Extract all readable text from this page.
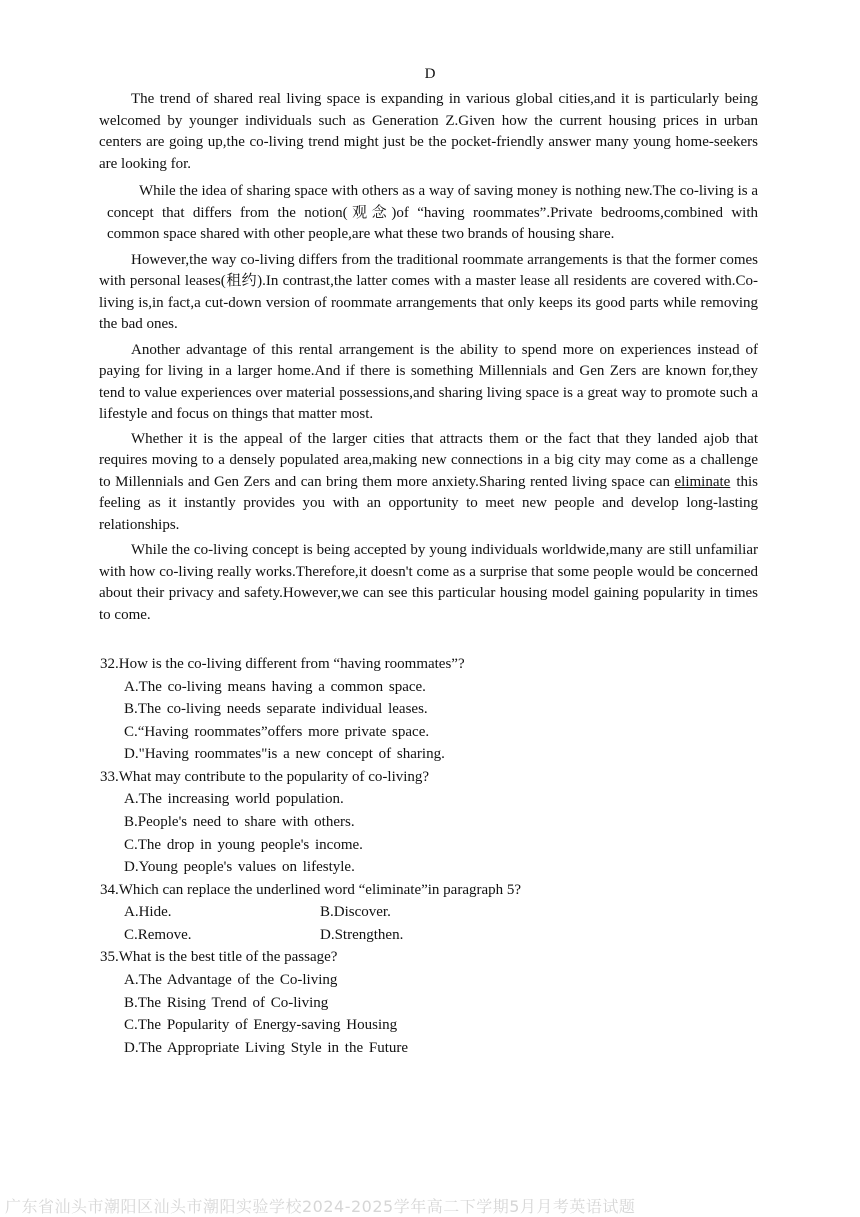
D

The trend of shared real living space is expanding in various global cities,and it is particularly being welcomed by younger individuals such as Generation Z.Given how the current housing prices in urban centers are going up,the co-living trend might just be the pocket-friendly answer many young home-seekers are looking for.

While the idea of sharing space with others as a way of saving money is nothing new.The co-living is a concept that differs from the notion(观念)of “having roommates”.Private bedrooms,combined with common space shared with other people,are what these two brands of housing share.

However,the way co-living differs from the traditional roommate arrangements is that the former comes with personal leases(租约).In contrast,the latter comes with a master lease all residents are covered with.Co-living is,in fact,a cut-down version of roommate arrangements that only keeps its good parts while removing the bad ones.

Another advantage of this rental arrangement is the ability to spend more on experiences instead of paying for living in a larger home.And if there is something Millennials and Gen Zers are known for,they tend to value experiences over material possessions,and sharing living space is a great way to promote such a lifestyle and focus on things that matter most.

Whether it is the appeal of the larger cities that attracts them or the fact that they landed ajob that requires moving to a densely populated area,making new connections in a big city may come as a challenge to Millennials and Gen Zers and can bring them more anxiety.Sharing rented living space can eliminate this feeling as it instantly provides you with an opportunity to meet new people and develop long-lasting relationships.

While the co-living concept is being accepted by young individuals worldwide,many are still unfamiliar with how co-living really works.Therefore,it doesn't come as a surprise that some people would be concerned about their privacy and safety.However,we can see this particular housing model gaining popularity in times to come.

32.How is the co-living different from “having roommates”?

A.The co-living means having a common space.

B.The co-living needs separate individual leases.

C.“Having roommates”offers more private space.

D."Having roommates"is a new concept of sharing.

33.What may contribute to the popularity of co-living?

A.The increasing world population.

B.People's need to share with others.

C.The drop in young people's income.

D.Young people's values on lifestyle.

34.Which can replace the underlined word “eliminate”in paragraph 5?

A.Hide.	B.Discover.
C.Remove.	D.Strengthen.

35.What is the best title of the passage?

A.The Advantage of the Co-living

B.The Rising Trend of Co-living

C.The Popularity of Energy-saving Housing

D.The Appropriate Living Style in the Future

广东省汕头市潮阳区汕头市潮阳实验学校2024-2025学年高二下学期5月月考英语试题
